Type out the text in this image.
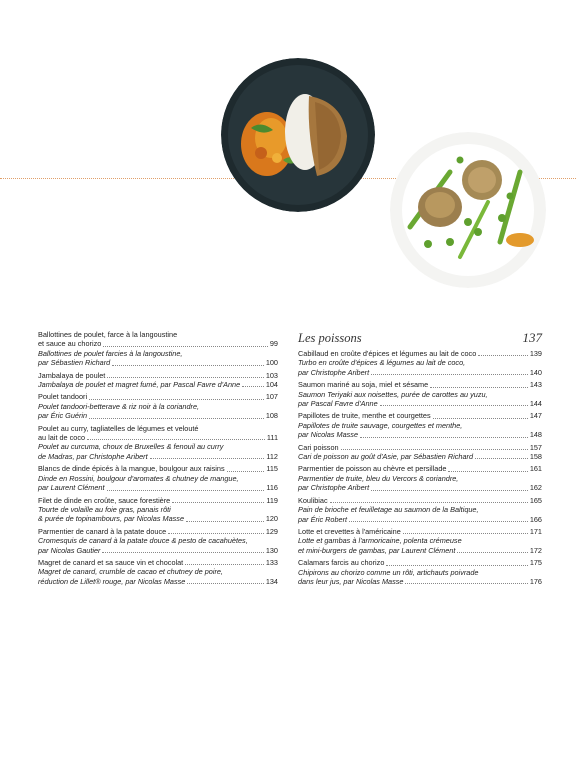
Ballottines de poulet, farce à la langoustine
et sauce au chorizo	99
Ballottines de poulet farcies à la langoustine,
par Sébastien Richard	100
Jambalaya de poulet	103
Jambalaya de poulet et magret fumé, par Pascal Favre d'Anne	104
Poulet tandoori	107
Poulet tandoori-betterave & riz noir à la coriandre,
par Éric Guérin	108
Poulet au curry, tagliatelles de légumes et velouté
au lait de coco	111
Poulet au curcuma, choux de Bruxelles & fenouil au curry
de Madras, par Christophe Aribert	112
Blancs de dinde épicés à la mangue, boulgour aux raisins	115
Dinde en Rossini, boulgour d'aromates & chutney de mangue,
par Laurent Clément	116
Filet de dinde en croûte, sauce forestière	119
Tourte de volaille au foie gras, panais rôti
& purée de topinambours, par Nicolas Masse	120
Parmentier de canard à la patate douce	129
Cromesquis de canard à la patate douce & pesto de cacahuètes,
par Nicolas Gautier	130
Magret de canard et sa sauce vin et chocolat	133
Magret de canard, crumble de cacao et chutney de poire,
réduction de Lillet® rouge, par Nicolas Masse	134
Les poissons	137
Cabillaud en croûte d'épices et légumes au lait de coco	139
Turbo en croûte d'épices & légumes au lait de coco,
par Christophe Aribert	140
Saumon mariné au soja, miel et sésame	143
Saumon Teriyaki aux noisettes, purée de carottes au yuzu,
par Pascal Favre d'Anne	144
Papillotes de truite, menthe et courgettes	147
Papillotes de truite sauvage, courgettes et menthe,
par Nicolas Masse	148
Cari poisson	157
Cari de poisson au goût d'Asie, par Sébastien Richard	158
Parmentier de poisson au chèvre et persillade	161
Parmentier de truite, bleu du Vercors & coriandre,
par Christophe Aribert	162
Koulibiac	165
Pain de brioche et feuilletage au saumon de la Baltique,
par Éric Robert	166
Lotte et crevettes à l'américaine	171
Lotte et gambas à l'armoricaine, polenta crémeuse
et mini-burgers de gambas, par Laurent Clément	172
Calamars farcis au chorizo	175
Chipirons au chorizo comme un rôti, artichauts poivrade
dans leur jus, par Nicolas Masse	176
